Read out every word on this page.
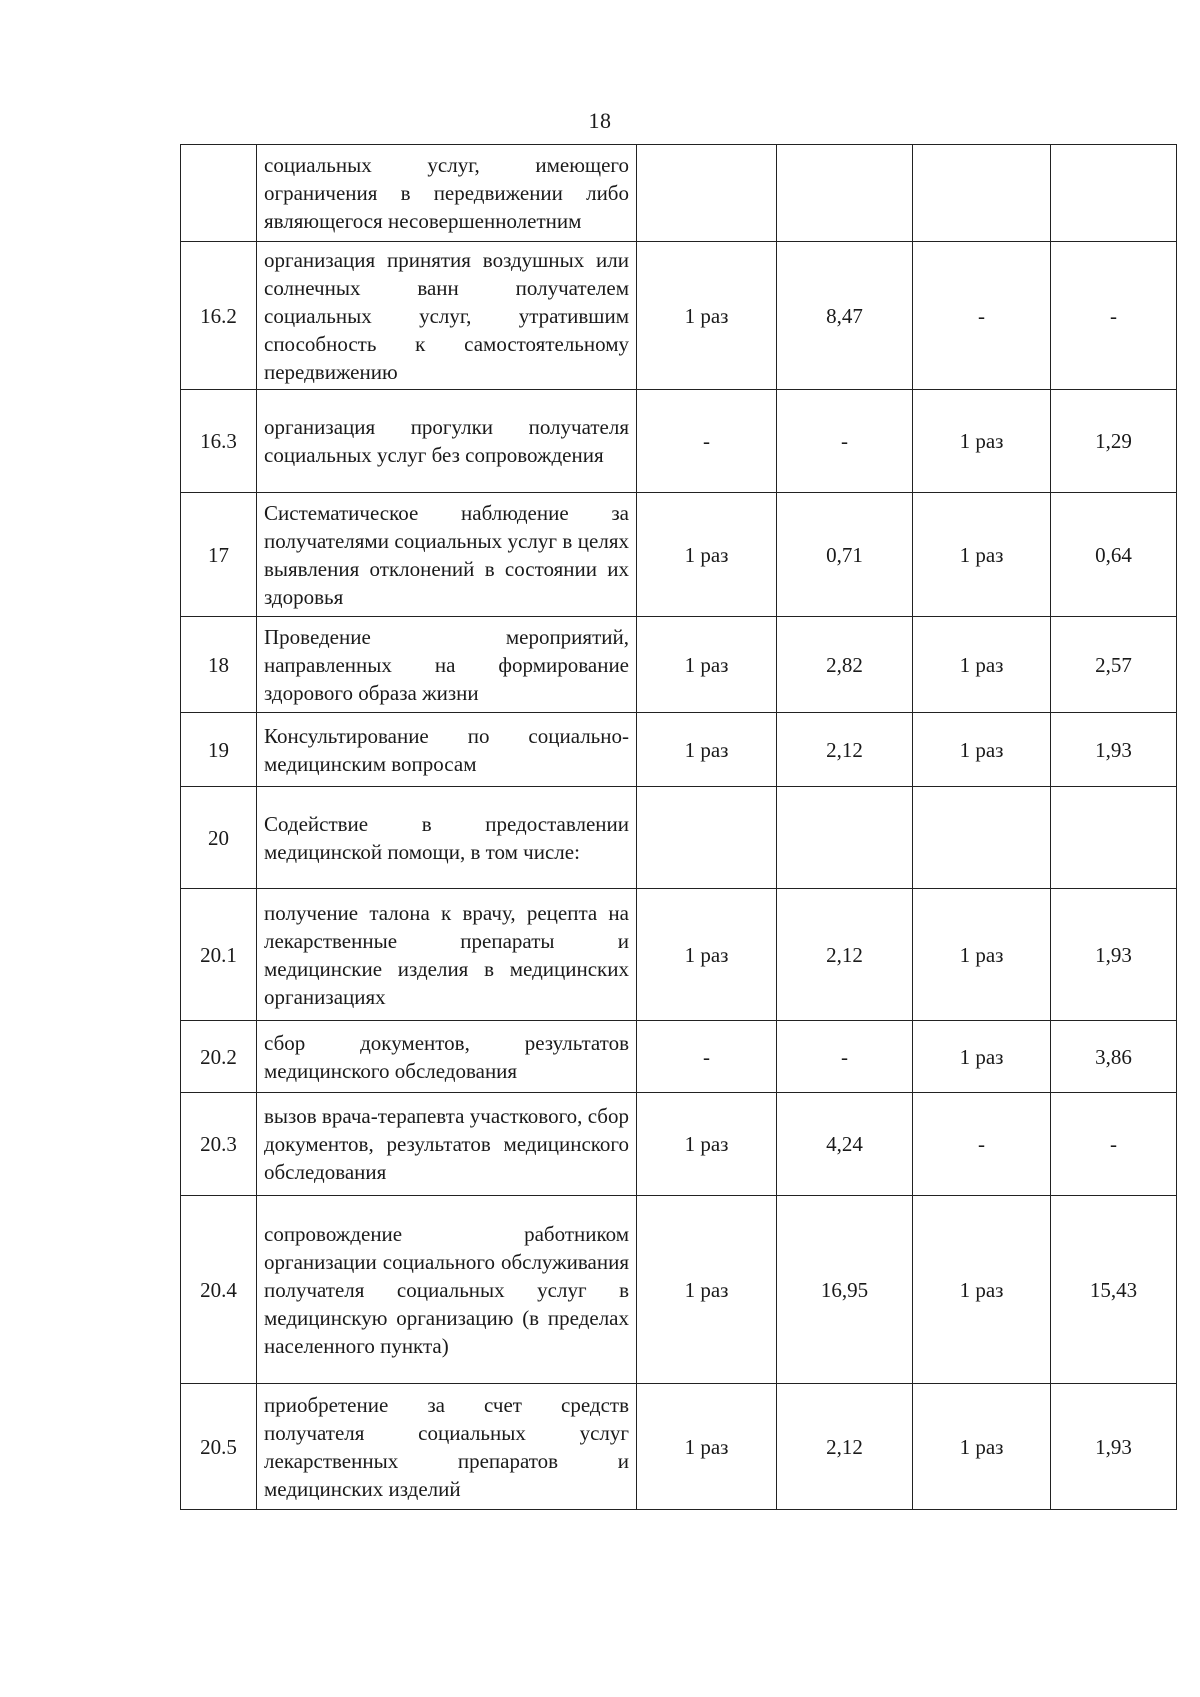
18
	социальных услуг, имеющего ограничения в передвижении либо являющегося несовершеннолетним				
16.2	организация принятия воздушных или солнечных ванн получателем социальных услуг, утратившим способность к самостоятельному передвижению	1 раз	8,47	-	-
16.3	организация прогулки получателя социальных услуг без сопровождения	-	-	1 раз	1,29
17	Систематическое наблюдение за получателями социальных услуг в целях выявления отклонений в состоянии их здоровья	1 раз	0,71	1 раз	0,64
18	Проведение мероприятий, направленных на формирование здорового образа жизни	1 раз	2,82	1 раз	2,57
19	Консультирование по социально-медицинским вопросам	1 раз	2,12	1 раз	1,93
20	Содействие в предоставлении медицинской помощи, в том числе:				
20.1	получение талона к врачу, рецепта на лекарственные препараты и медицинские изделия в медицинских организациях	1 раз	2,12	1 раз	1,93
20.2	сбор документов, результатов медицинского обследования	-	-	1 раз	3,86
20.3	вызов врача-терапевта участкового, сбор документов, результатов медицинского обследования	1 раз	4,24	-	-
20.4	сопровождение работником организации социального обслуживания получателя социальных услуг в медицинскую организацию (в пределах населенного пункта)	1 раз	16,95	1 раз	15,43
20.5	приобретение за счет средств получателя социальных услуг лекарственных препаратов и медицинских изделий	1 раз	2,12	1 раз	1,93
